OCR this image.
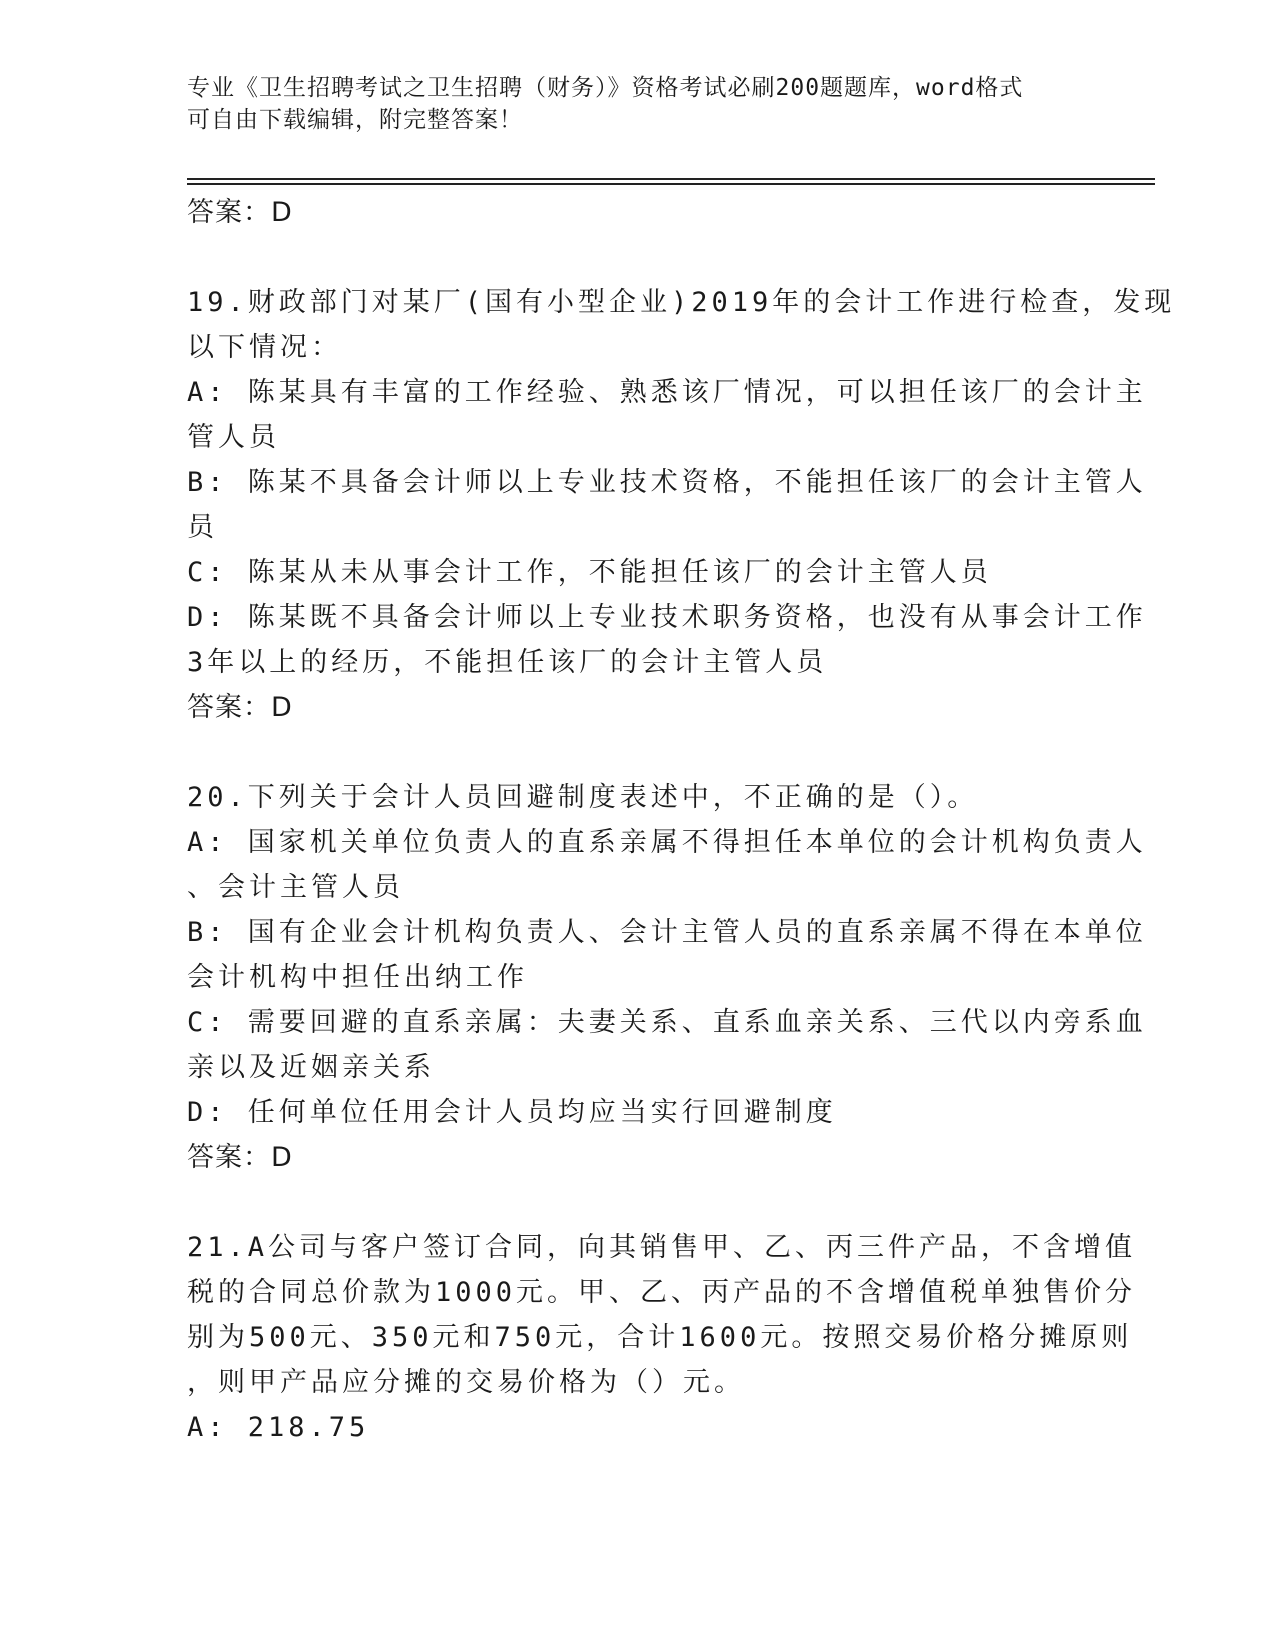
专业《卫生招聘考试之卫生招聘（财务）》资格考试必刷200题题库，word格式
可自由下载编辑，附完整答案！
答案：D
19.财政部门对某厂(国有小型企业)2019年的会计工作进行检查，发现
以下情况：
A: 陈某具有丰富的工作经验、熟悉该厂情况，可以担任该厂的会计主
管人员
B: 陈某不具备会计师以上专业技术资格，不能担任该厂的会计主管人
员
C: 陈某从未从事会计工作，不能担任该厂的会计主管人员
D: 陈某既不具备会计师以上专业技术职务资格，也没有从事会计工作
3年以上的经历，不能担任该厂的会计主管人员
答案：D
20.下列关于会计人员回避制度表述中，不正确的是（）。
A: 国家机关单位负责人的直系亲属不得担任本单位的会计机构负责人
、会计主管人员
B: 国有企业会计机构负责人、会计主管人员的直系亲属不得在本单位
会计机构中担任出纳工作
C: 需要回避的直系亲属：夫妻关系、直系血亲关系、三代以内旁系血
亲以及近姻亲关系
D: 任何单位任用会计人员均应当实行回避制度
答案：D
21.A公司与客户签订合同，向其销售甲、乙、丙三件产品，不含增值
税的合同总价款为1000元。甲、乙、丙产品的不含增值税单独售价分
别为500元、350元和750元，合计1600元。按照交易价格分摊原则
，则甲产品应分摊的交易价格为（）元。
A: 218.75
